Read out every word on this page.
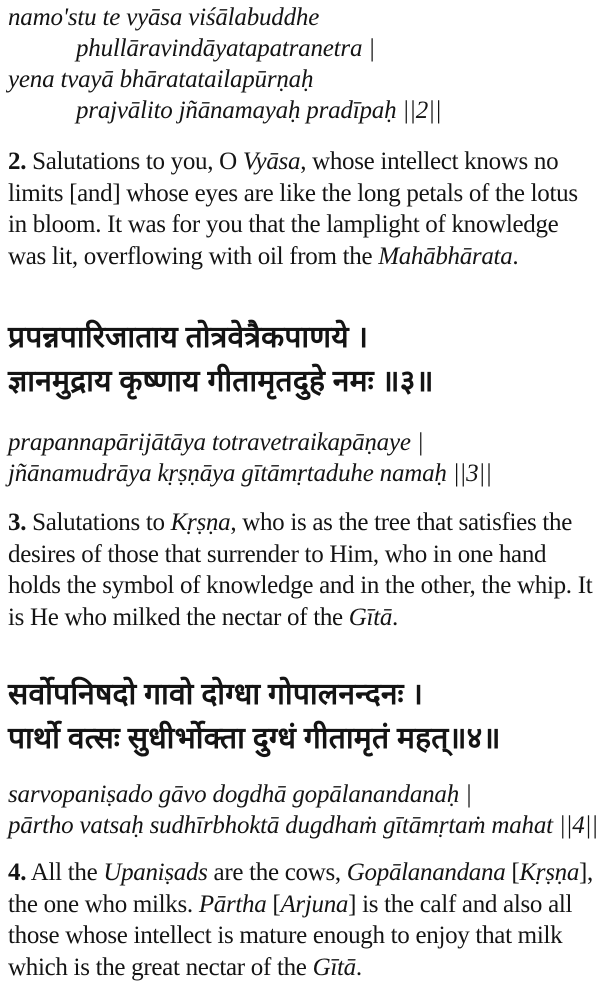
namo'stu te vyāsa viśālabuddhe
phullāravindāyatapatranetra |
yena tvayā bhāratatailapūrṇaḥ
prajvālito jñānamayaḥ pradīpaḥ ||2||

2. Salutations to you, O Vyāsa, whose intellect knows no limits [and] whose eyes are like the long petals of the lotus in bloom. It was for you that the lamplight of knowledge was lit, overflowing with oil from the Mahābhārata.

प्रपन्नपारिजाताय तोत्रवेत्रैकपाणये ।
ज्ञानमुद्राय कृष्णाय गीतामृतदुहे नमः ॥३॥
prapannapārijātāya totravetraikapāṇaye |
jñānamudrāya kṛṣṇāya gītāmṛtaduhe namaḥ ||3||

3. Salutations to Kṛṣṇa, who is as the tree that satisfies the desires of those that surrender to Him, who in one hand holds the symbol of knowledge and in the other, the whip. It is He who milked the nectar of the Gītā.

सर्वोपनिषदो गावो दोग्धा गोपालनन्दनः ।
पार्थो वत्सः सुधीर्भोक्ता दुग्धं गीतामृतं महत्॥४॥
sarvopaniṣado gāvo dogdhā gopālanandanaḥ |
pārtho vatsaḥ sudhīrbhoktā dugdhaṁ gītāmṛtaṁ mahat ||4||

4. All the Upaniṣads are the cows, Gopālanandana [Kṛṣṇa], the one who milks. Pārtha [Arjuna] is the calf and also all those whose intellect is mature enough to enjoy that milk which is the great nectar of the Gītā.
